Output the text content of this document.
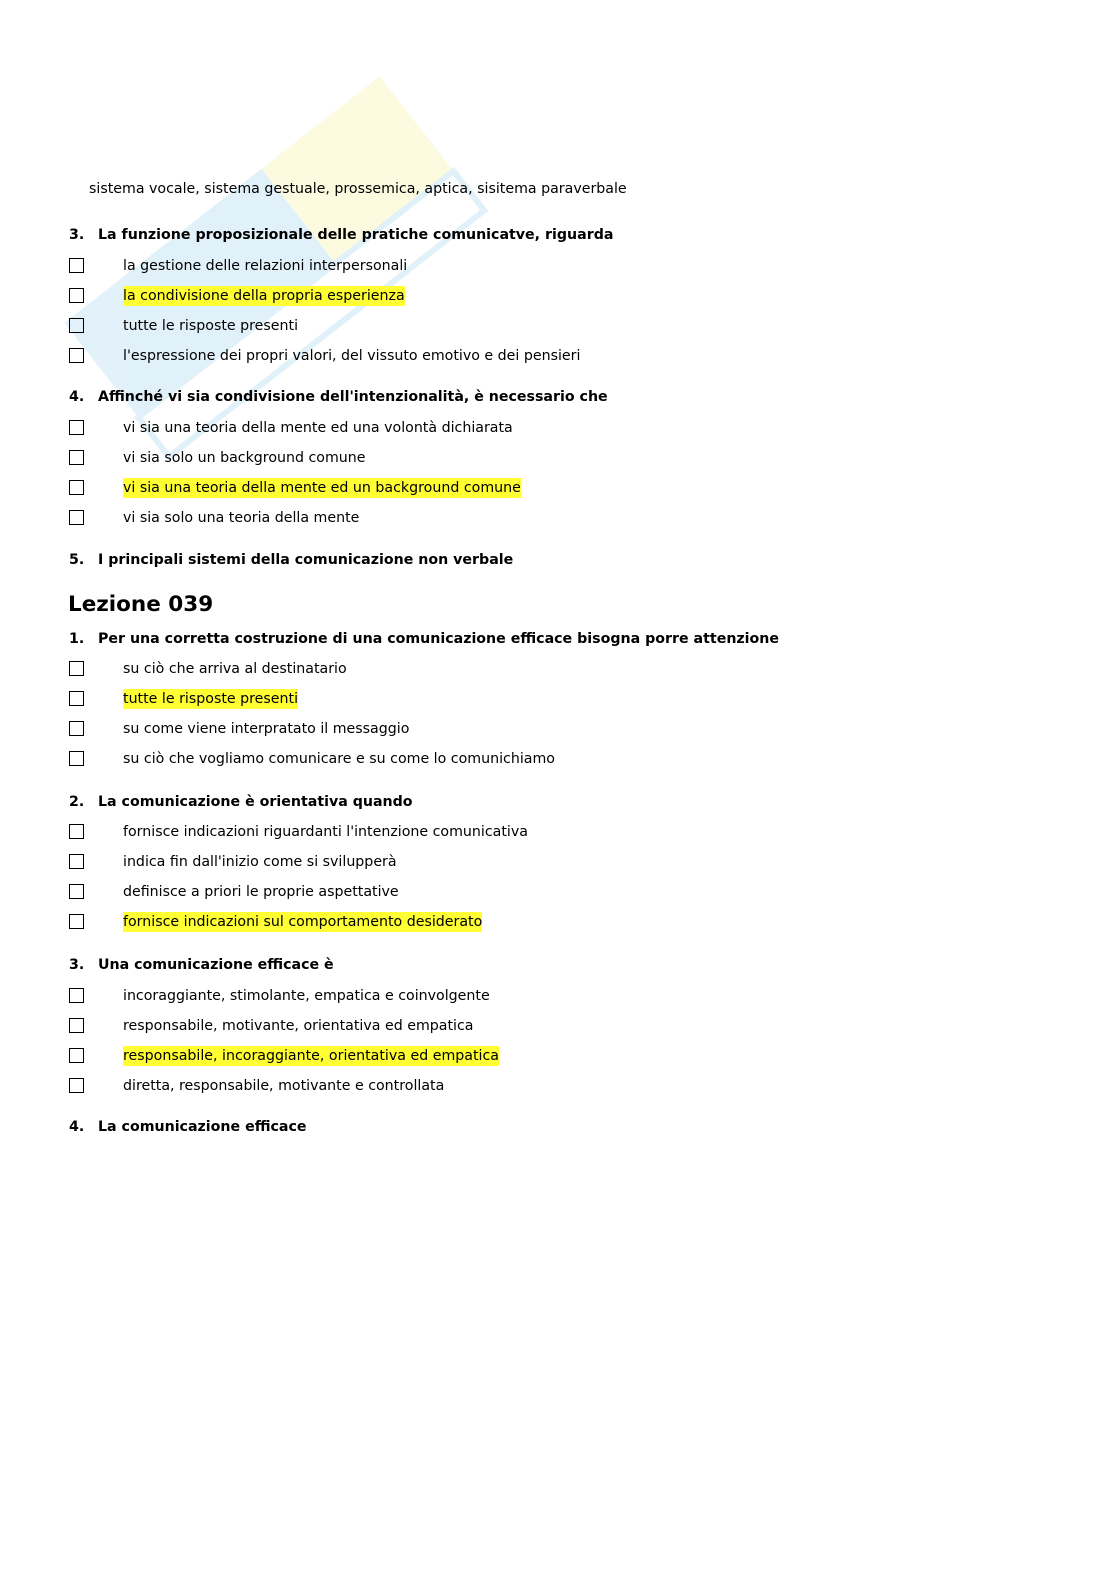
sistema vocale, sistema gestuale, prossemica, aptica, sisitema paraverbale
Lezione 039
3. La funzione proposizionale delle pratiche comunicatve, riguarda
la gestione delle relazioni interpersonali
la condivisione della propria esperienza
tutte le risposte presenti
l'espressione dei propri valori, del vissuto emotivo e dei pensieri
4. Affinché vi sia condivisione dell'intenzionalità, è necessario che
vi sia una teoria della mente ed una volontà dichiarata
vi sia solo un background comune
vi sia una teoria della mente ed un background comune
vi sia solo una teoria della mente
5. I principali sistemi della comunicazione non verbale
1. Per una corretta costruzione di una comunicazione efficace bisogna porre attenzione
su ciò che arriva al destinatario
tutte le risposte presenti
su come viene interpratato il messaggio
su ciò che vogliamo comunicare e su come lo comunichiamo
2. La comunicazione è orientativa quando
fornisce indicazioni riguardanti l'intenzione comunicativa
indica fin dall'inizio come si svilupperà
definisce a priori le proprie aspettative
fornisce indicazioni sul comportamento desiderato
3. Una comunicazione efficace è
incoraggiante, stimolante, empatica e coinvolgente
responsabile, motivante, orientativa ed empatica
responsabile, incoraggiante, orientativa ed empatica
diretta, responsabile, motivante e controllata
4. La comunicazione efficace
